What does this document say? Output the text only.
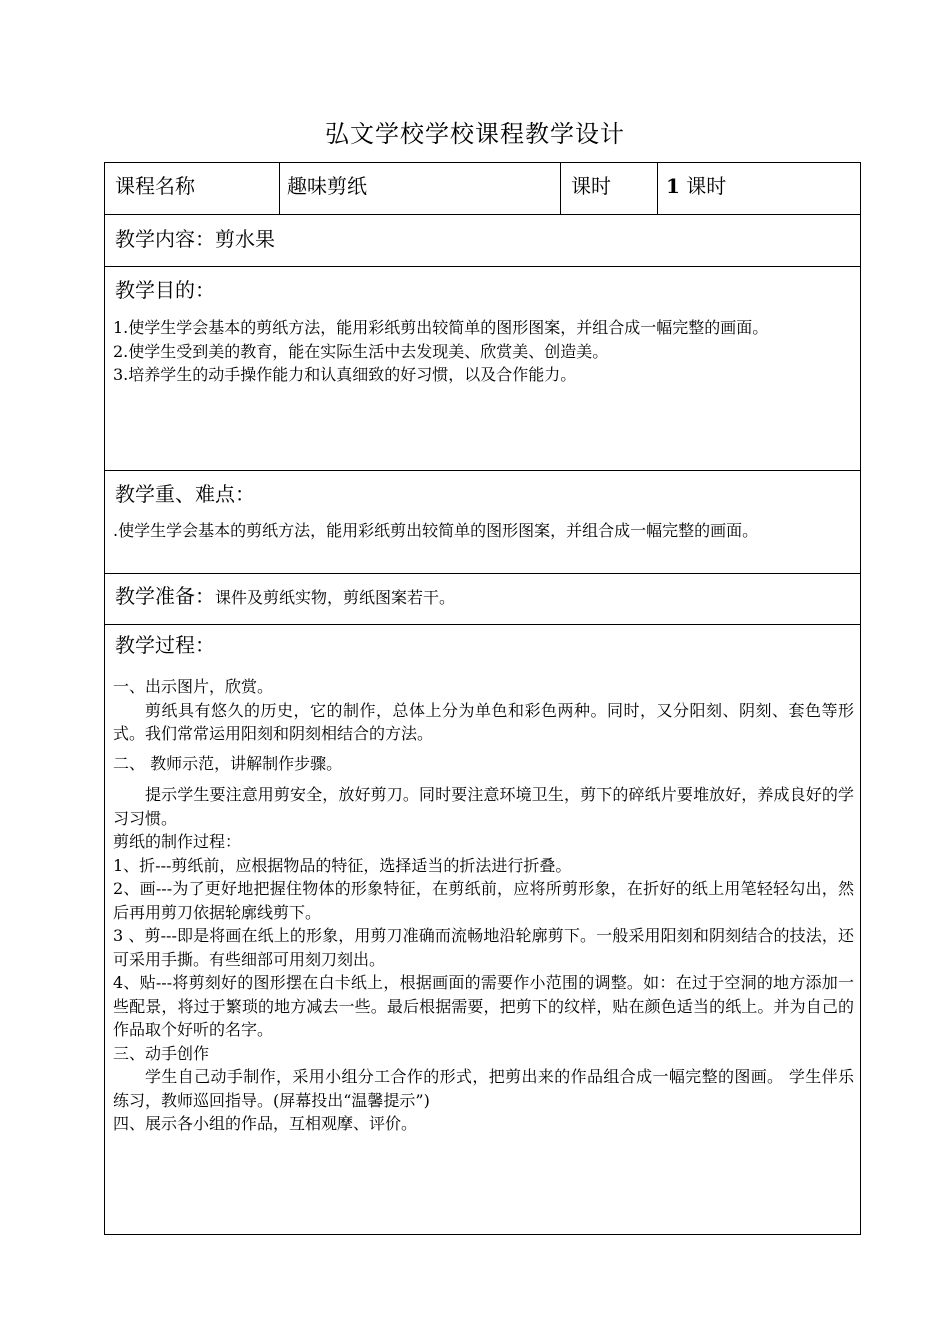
弘文学校学校课程教学设计
课程名称	趣味剪纸	课时	1 课时
教学内容：剪水果
教学目的：

1.使学生学会基本的剪纸方法，能用彩纸剪出较简单的图形图案，并组合成一幅完整的画面。

2.使学生受到美的教育，能在实际生活中去发现美、欣赏美、创造美。

3.培养学生的动手操作能力和认真细致的好习惯，以及合作能力。

教学重、难点：

.使学生学会基本的剪纸方法，能用彩纸剪出较简单的图形图案，并组合成一幅完整的画面。

教学准备：课件及剪纸实物，剪纸图案若干。
教学过程：

一、出示图片，欣赏。

剪纸具有悠久的历史，它的制作，总体上分为单色和彩色两种。同时，又分阳刻、阴刻、套色等形式。我们常常运用阳刻和阴刻相结合的方法。

二、 教师示范，讲解制作步骤。

提示学生要注意用剪安全，放好剪刀。同时要注意环境卫生，剪下的碎纸片要堆放好，养成良好的学习习惯。

剪纸的制作过程：

1、折---剪纸前，应根据物品的特征，选择适当的折法进行折叠。

2、画---为了更好地把握住物体的形象特征，在剪纸前，应将所剪形象，在折好的纸上用笔轻轻勾出，然后再用剪刀依据轮廓线剪下。

3 、剪---即是将画在纸上的形象，用剪刀准确而流畅地沿轮廓剪下。一般采用阳刻和阴刻结合的技法，还可采用手撕。有些细部可用刻刀刻出。

4、贴---将剪刻好的图形摆在白卡纸上，根据画面的需要作小范围的调整。如：在过于空洞的地方添加一些配景，将过于繁琐的地方减去一些。最后根据需要，把剪下的纹样，贴在颜色适当的纸上。并为自己的作品取个好听的名字。

三、动手创作

学生自己动手制作，采用小组分工合作的形式，把剪出来的作品组合成一幅完整的图画。 学生伴乐练习，教师巡回指导。(屏幕投出“温馨提示”)

四、展示各小组的作品，互相观摩、评价。
